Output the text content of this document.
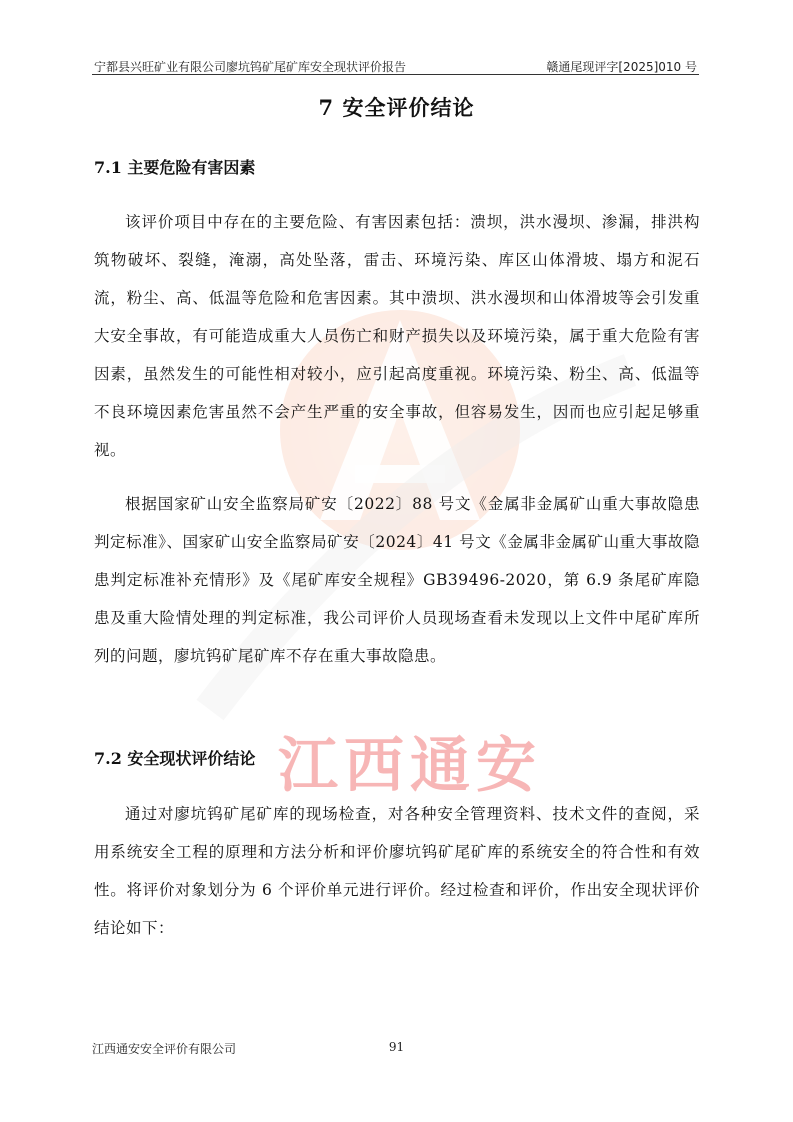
宁都县兴旺矿业有限公司廖坑钨矿尾矿库安全现状评价报告	赣通尾现评字[2025]010 号
江西通安
7 安全评价结论
7.1 主要危险有害因素

该评价项目中存在的主要危险、有害因素包括：溃坝，洪水漫坝、渗漏，排洪构筑物破坏、裂缝，淹溺，高处坠落，雷击、环境污染、库区山体滑坡、塌方和泥石流，粉尘、高、低温等危险和危害因素。其中溃坝、洪水漫坝和山体滑坡等会引发重大安全事故，有可能造成重大人员伤亡和财产损失以及环境污染，属于重大危险有害因素，虽然发生的可能性相对较小，应引起高度重视。环境污染、粉尘、高、低温等不良环境因素危害虽然不会产生严重的安全事故，但容易发生，因而也应引起足够重视。

根据国家矿山安全监察局矿安〔2022〕88 号文《金属非金属矿山重大事故隐患判定标准》、国家矿山安全监察局矿安〔2024〕41 号文《金属非金属矿山重大事故隐患判定标准补充情形》及《尾矿库安全规程》GB39496-2020，第 6.9 条尾矿库隐患及重大险情处理的判定标准，我公司评价人员现场查看未发现以上文件中尾矿库所列的问题，廖坑钨矿尾矿库不存在重大事故隐患。

7.2 安全现状评价结论

通过对廖坑钨矿尾矿库的现场检查，对各种安全管理资料、技术文件的查阅，采用系统安全工程的原理和方法分析和评价廖坑钨矿尾矿库的系统安全的符合性和有效性。将评价对象划分为 6 个评价单元进行评价。经过检查和评价，作出安全现状评价结论如下：

江西通安安全评价有限公司	91
